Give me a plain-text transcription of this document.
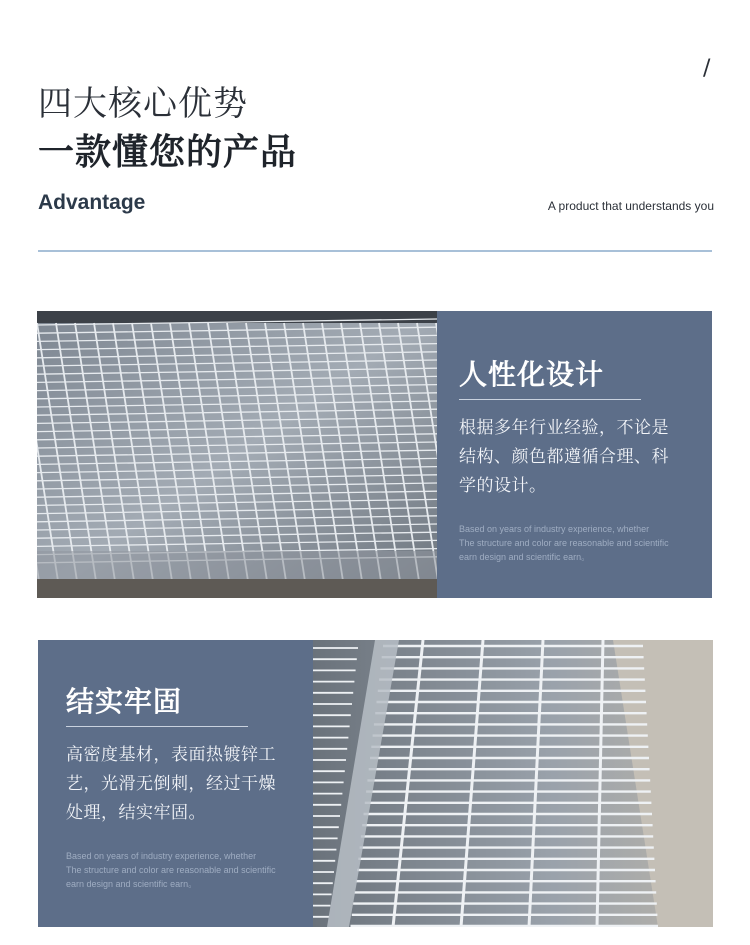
/
四大核心优势
一款懂您的产品
Advantage	A product that understands you
人性化设计
根据多年行业经验，不论是
结构、颜色都遵循合理、科
学的设计。
Based on years of industry experience, whether
The structure and color are reasonable and scientific
earn design and scientific earn。
结实牢固
高密度基材，表面热镀锌工
艺，光滑无倒刺，经过干燥
处理，结实牢固。
Based on years of industry experience, whether
The structure and color are reasonable and scientific
earn design and scientific earn。
